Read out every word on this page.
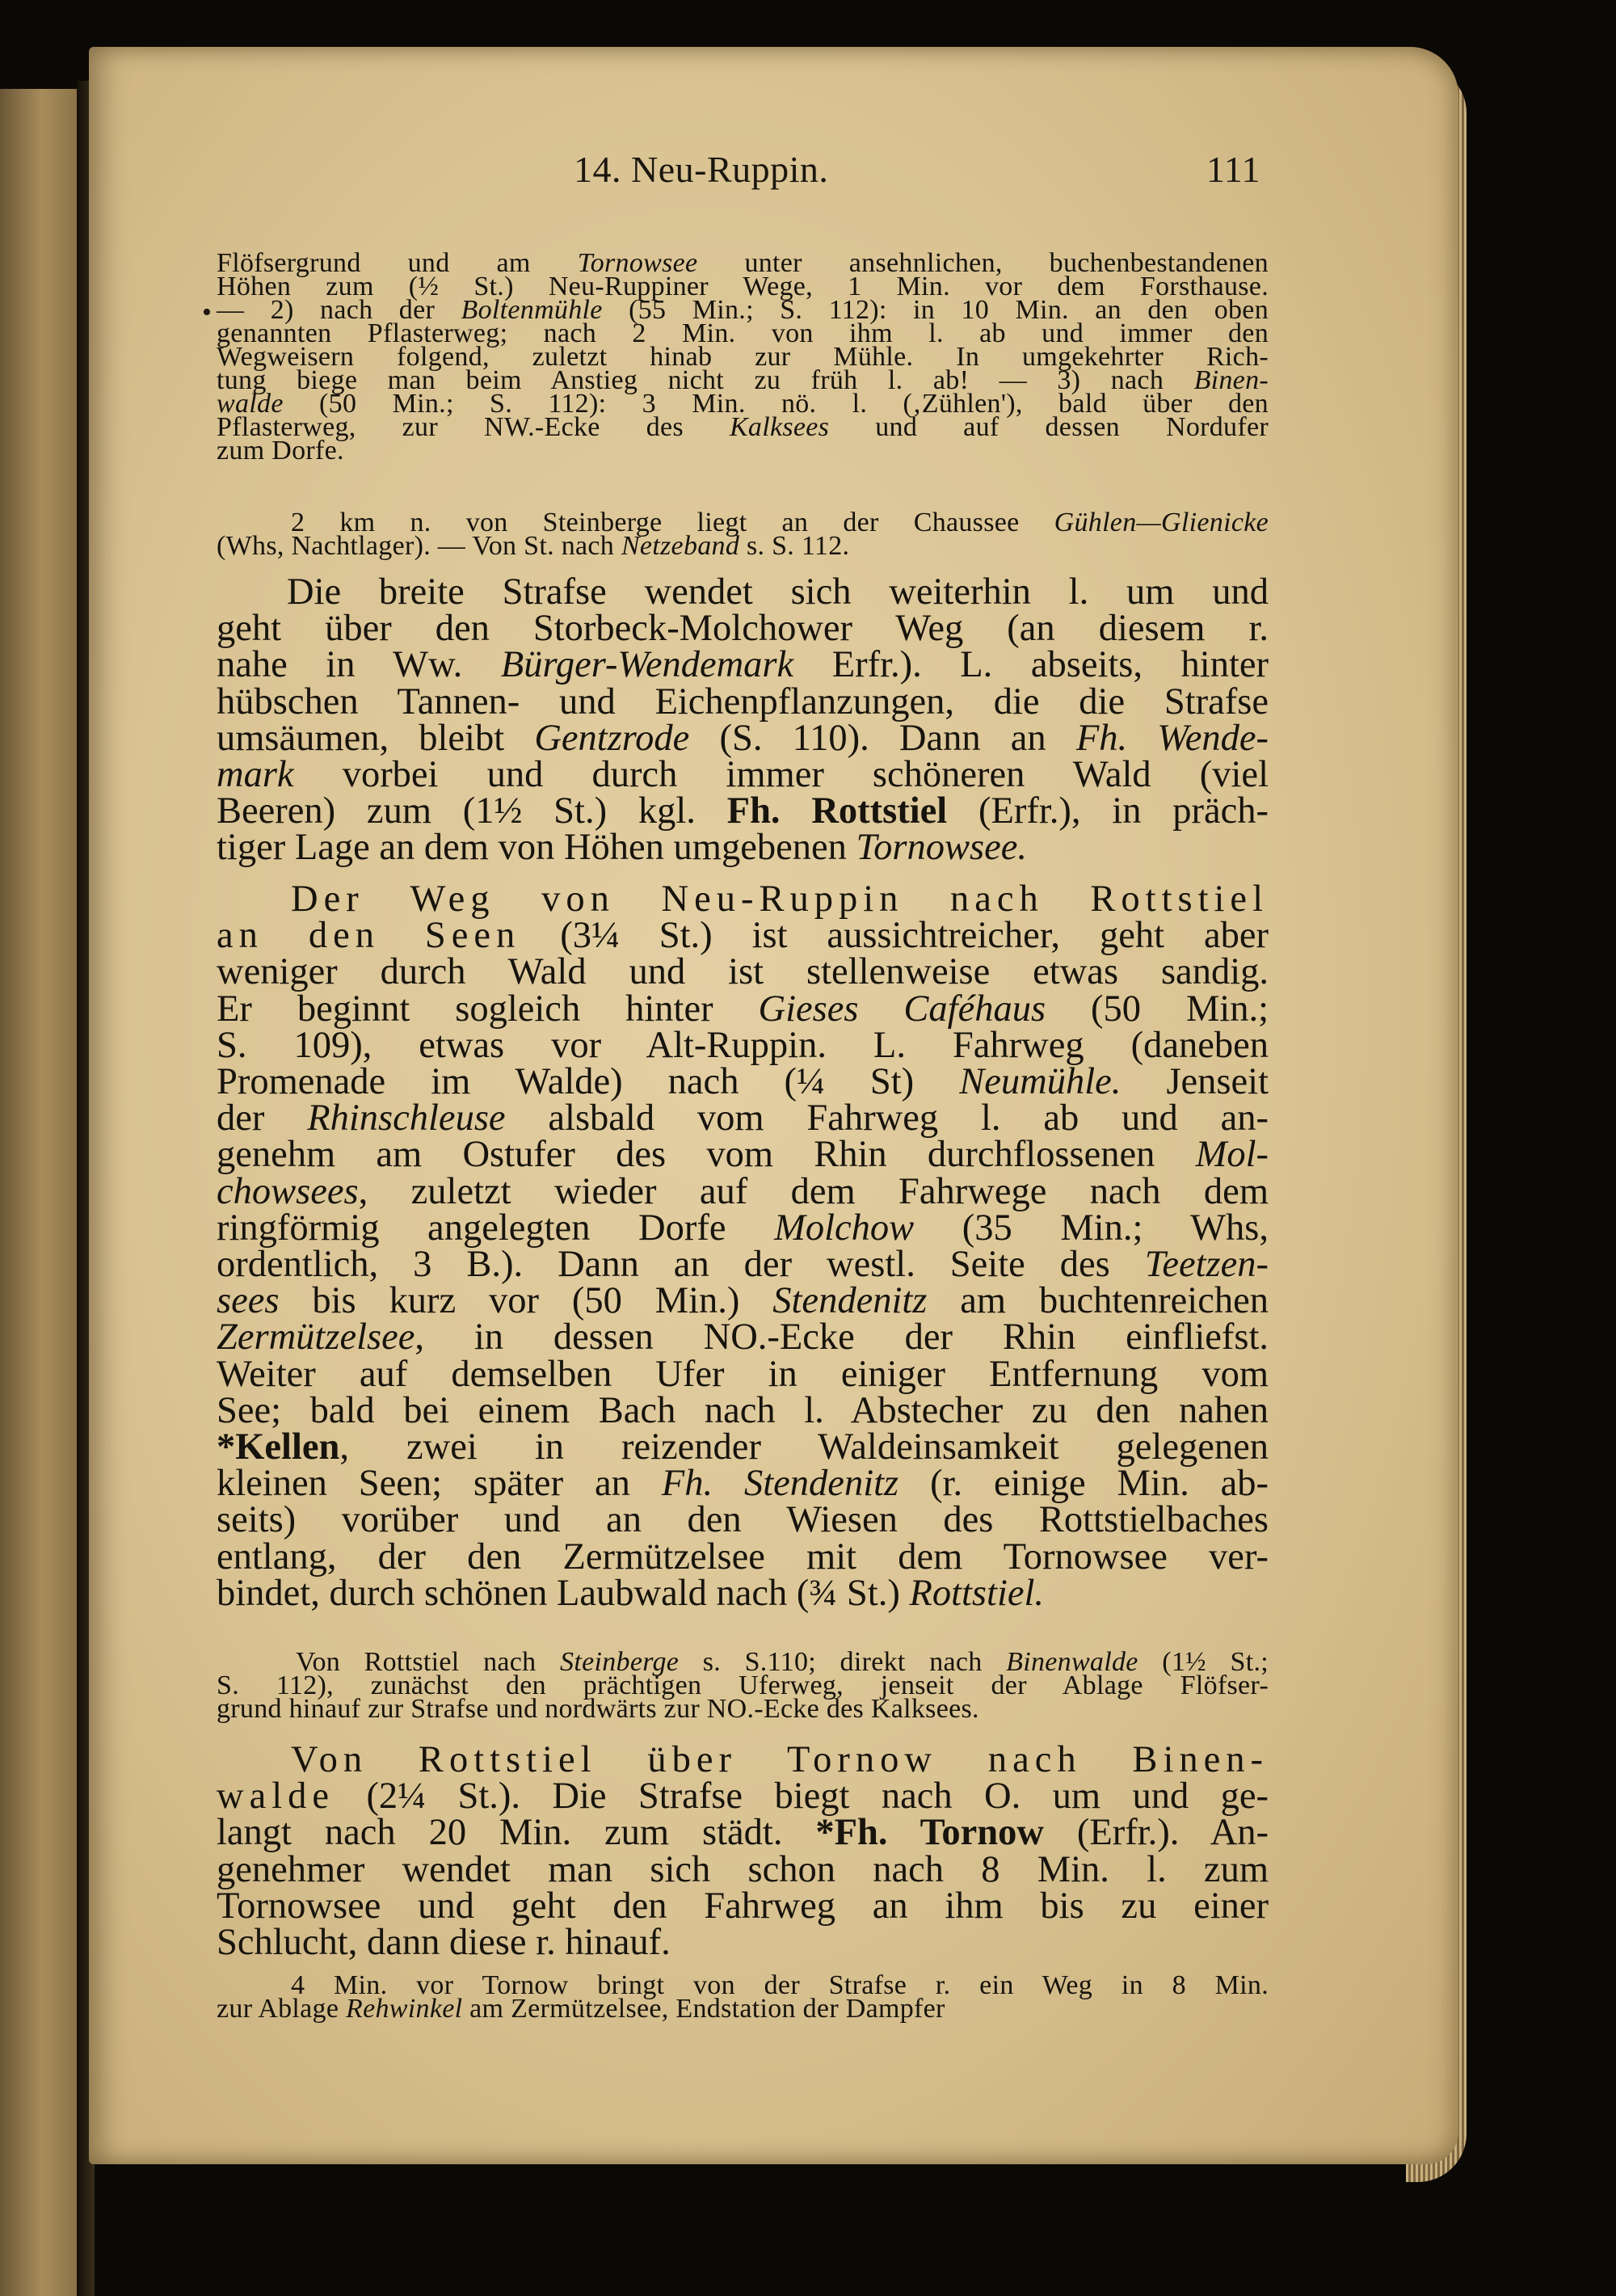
14. Neu-Ruppin.	111
•
Flöfsergrund und am Tornowsee unter ansehnlichen, buchenbestandenen
Höhen zum (½ St.) Neu-Ruppiner Wege, 1 Min. vor dem Forsthause.
— 2) nach der Boltenmühle (55 Min.; S. 112): in 10 Min. an den oben
genannten Pflasterweg; nach 2 Min. von ihm l. ab und immer den
Wegweisern folgend, zuletzt hinab zur Mühle. In umgekehrter Rich-
tung biege man beim Anstieg nicht zu früh l. ab! — 3) nach Binen-
walde (50 Min.; S. 112): 3 Min. nö. l. (‚Zühlen'), bald über den
Pflasterweg, zur NW.-Ecke des Kalksees und auf dessen Nordufer
zum Dorfe.
2 km n. von Steinberge liegt an der Chaussee Gühlen—Glienicke
(Whs, Nachtlager). — Von St. nach Netzeband s. S. 112.
Die breite Strafse wendet sich weiterhin l. um und
geht über den Storbeck-Molchower Weg (an diesem r.
nahe in Ww. Bürger-Wendemark Erfr.). L. abseits, hinter
hübschen Tannen- und Eichenpflanzungen, die die Strafse
umsäumen, bleibt Gentzrode (S. 110). Dann an Fh. Wende-
mark vorbei und durch immer schöneren Wald (viel
Beeren) zum (1½ St.) kgl. Fh. Rottstiel (Erfr.), in präch-
tiger Lage an dem von Höhen umgebenen Tornowsee.
Der Weg von Neu-Ruppin nach Rottstiel
an den Seen (3¼ St.) ist aussichtreicher, geht aber
weniger durch Wald und ist stellenweise etwas sandig.
Er beginnt sogleich hinter Gieses Caféhaus (50 Min.;
S. 109), etwas vor Alt-Ruppin. L. Fahrweg (daneben
Promenade im Walde) nach (¼ St) Neumühle. Jenseit
der Rhinschleuse alsbald vom Fahrweg l. ab und an-
genehm am Ostufer des vom Rhin durchflossenen Mol-
chowsees, zuletzt wieder auf dem Fahrwege nach dem
ringförmig angelegten Dorfe Molchow (35 Min.; Whs,
ordentlich, 3 B.). Dann an der westl. Seite des Teetzen-
sees bis kurz vor (50 Min.) Stendenitz am buchtenreichen
Zermützelsee, in dessen NO.-Ecke der Rhin einfliefst.
Weiter auf demselben Ufer in einiger Entfernung vom
See; bald bei einem Bach nach l. Abstecher zu den nahen
*Kellen, zwei in reizender Waldeinsamkeit gelegenen
kleinen Seen; später an Fh. Stendenitz (r. einige Min. ab-
seits) vorüber und an den Wiesen des Rottstielbaches
entlang, der den Zermützelsee mit dem Tornowsee ver-
bindet, durch schönen Laubwald nach (¾ St.) Rottstiel.
Von Rottstiel nach Steinberge s. S.110; direkt nach Binenwalde (1½ St.;
S. 112), zunächst den prächtigen Uferweg, jenseit der Ablage Flöfser-
grund hinauf zur Strafse und nordwärts zur NO.-Ecke des Kalksees.
Von Rottstiel über Tornow nach Binen-
walde (2¼ St.). Die Strafse biegt nach O. um und ge-
langt nach 20 Min. zum städt. *Fh. Tornow (Erfr.). An-
genehmer wendet man sich schon nach 8 Min. l. zum
Tornowsee und geht den Fahrweg an ihm bis zu einer
Schlucht, dann diese r. hinauf.
4 Min. vor Tornow bringt von der Strafse r. ein Weg in 8 Min.
zur Ablage Rehwinkel am Zermützelsee, Endstation der Dampfer
